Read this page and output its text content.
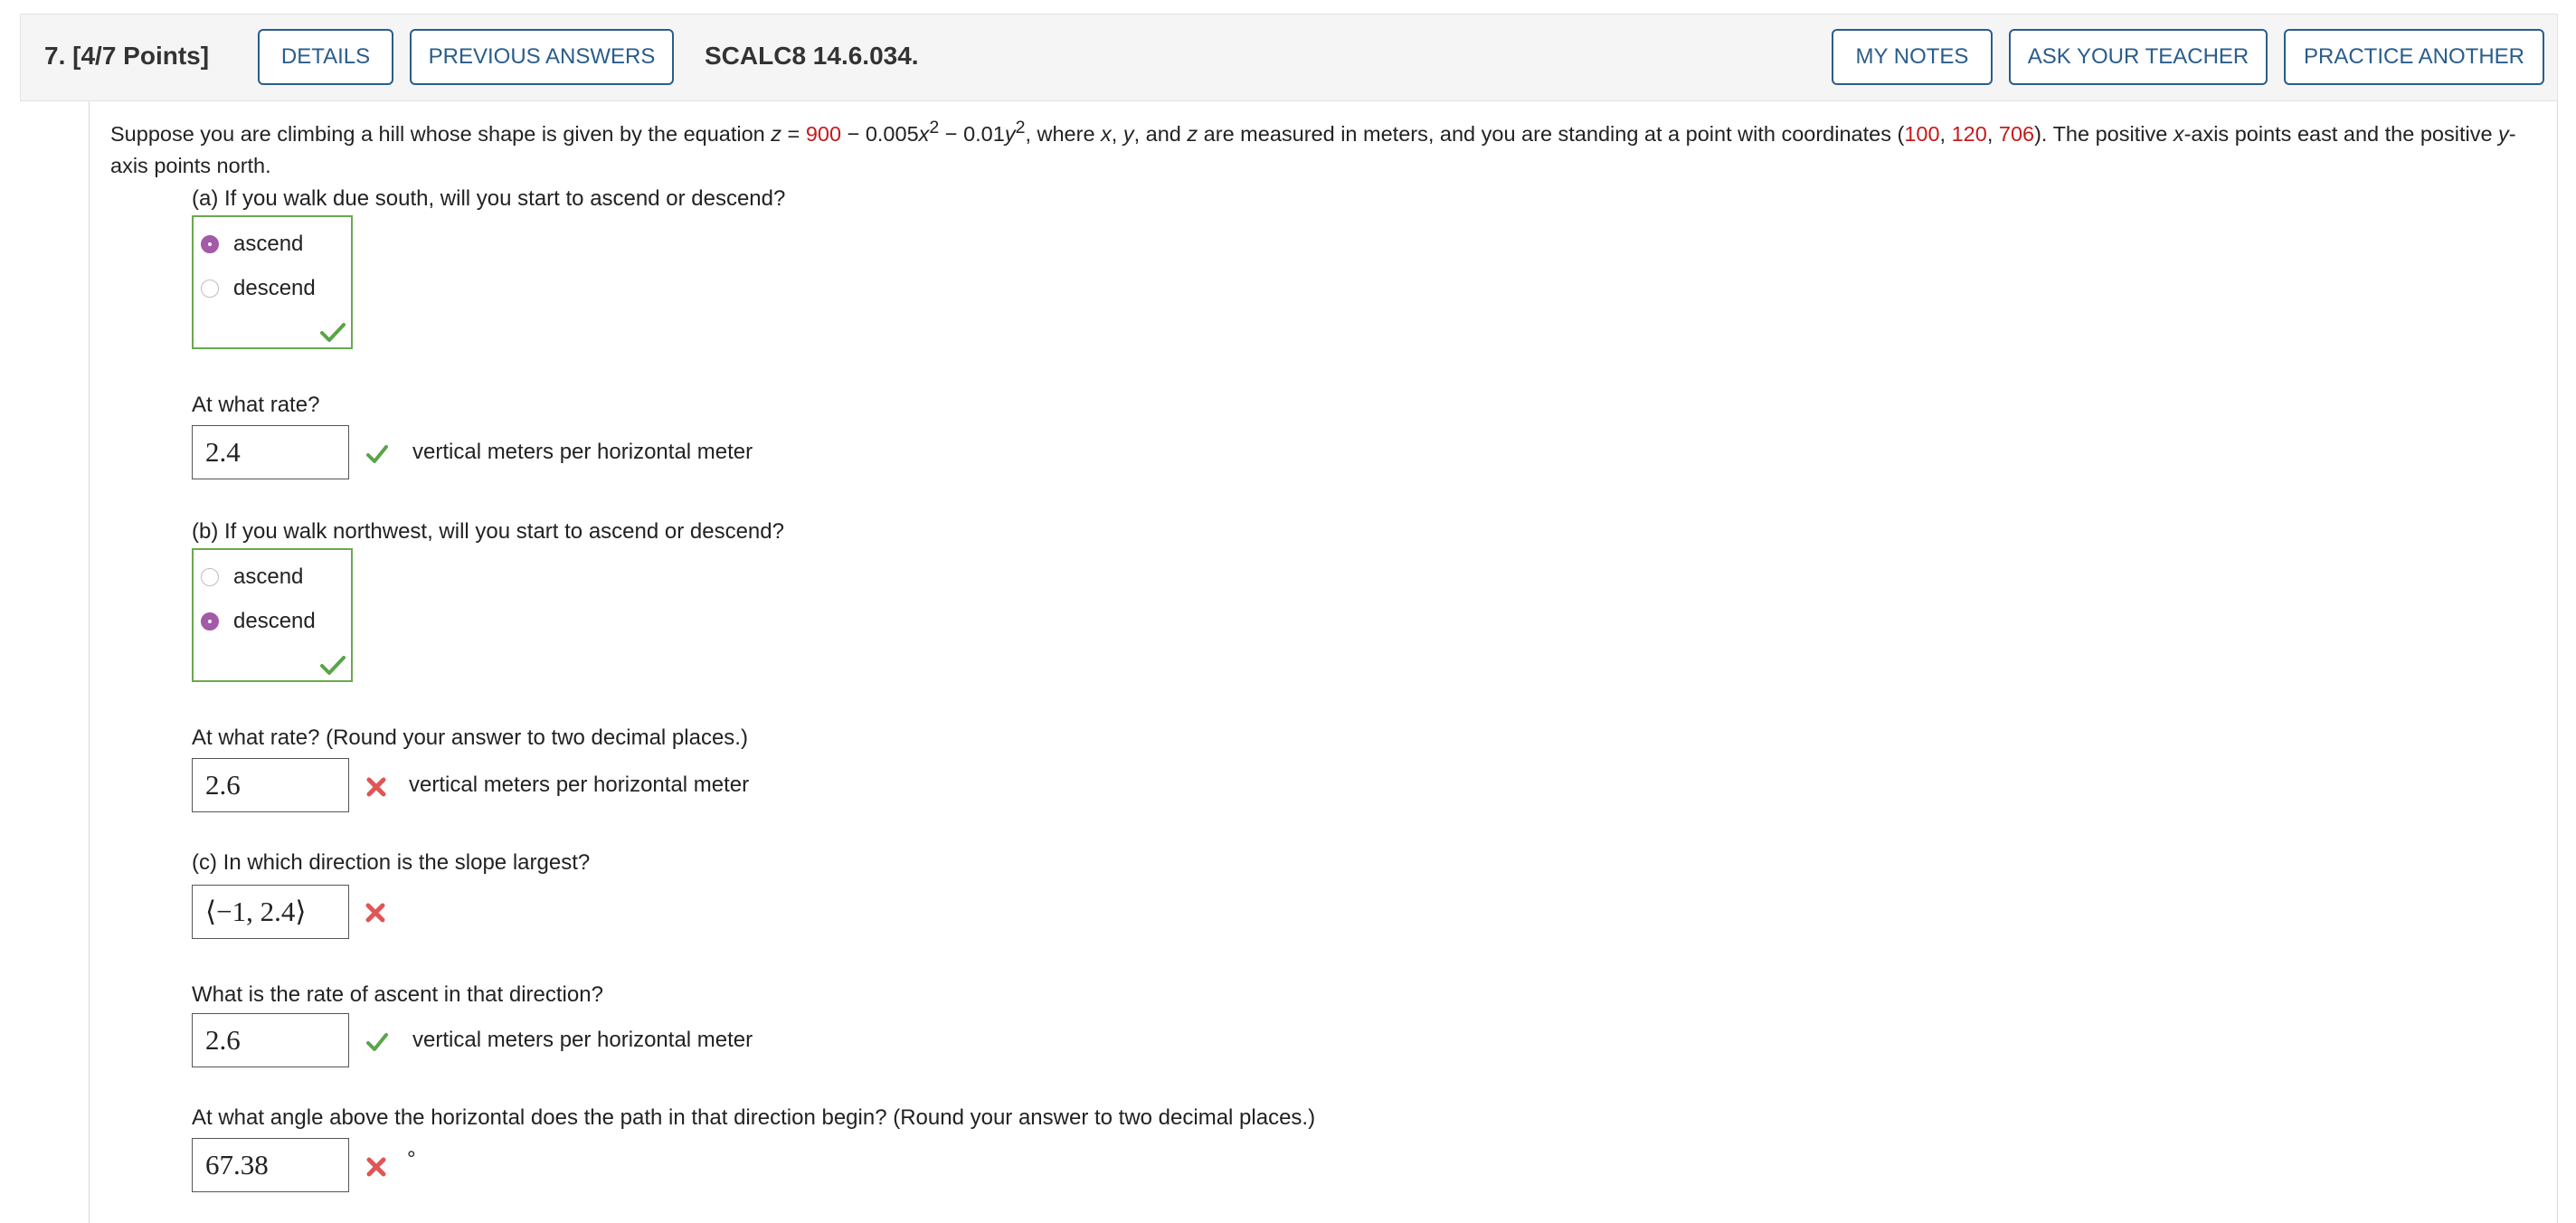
7. [4/7 Points]	DETAILS	PREVIOUS ANSWERS	SCALC8 14.6.034.	MY NOTES	ASK YOUR TEACHER	PRACTICE ANOTHER
Suppose you are climbing a hill whose shape is given by the equation $z = 900 - 0.005x^2 - 0.01y^2$, where x, y, and z are measured in meters, and you are standing at a point with coordinates (100, 120, 706). The positive x-axis points east and the positive y-axis points north.
(a) If you walk due south, will you start to ascend or descend?
ascend
descend
At what rate?
2.4	vertical meters per horizontal meter
(b) If you walk northwest, will you start to ascend or descend?
ascend
descend
At what rate? (Round your answer to two decimal places.)
2.6	vertical meters per horizontal meter
(c) In which direction is the slope largest?
⟨−1, 2.4⟩
What is the rate of ascent in that direction?
2.6	vertical meters per horizontal meter
At what angle above the horizontal does the path in that direction begin? (Round your answer to two decimal places.)
67.38	°
